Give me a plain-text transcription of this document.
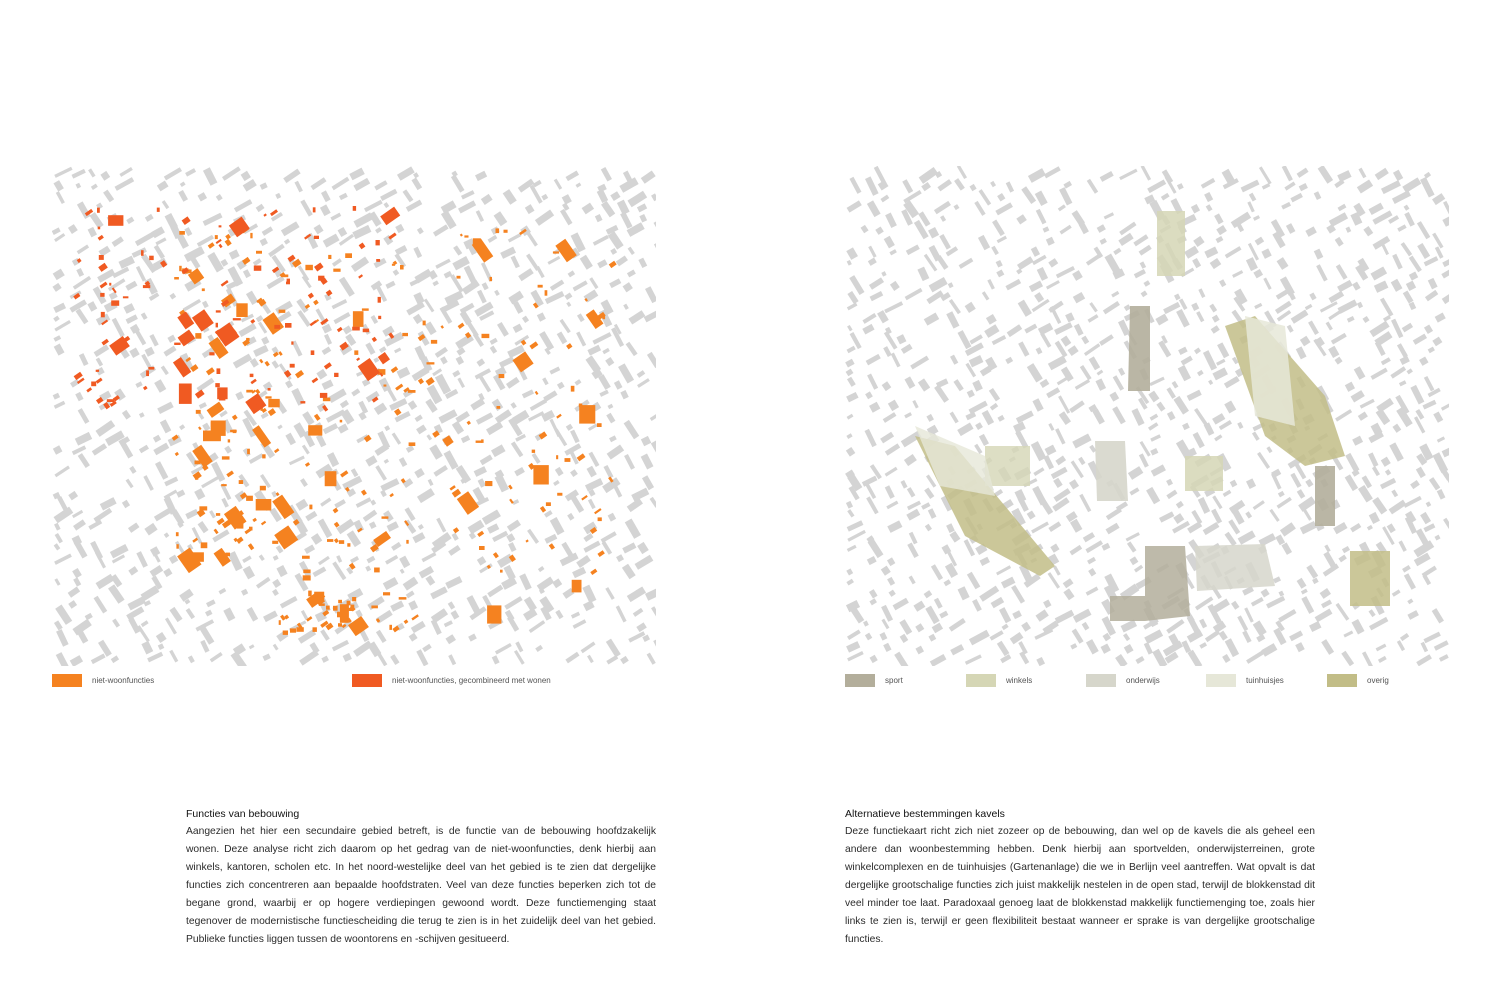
niet-woonfuncties	niet-woonfuncties, gecombineerd met wonen	sport	winkels	onderwijs	tuinhuisjes	overig

Functies van bebouwing

Aangezien het hier een secundaire gebied betreft, is de functie van de bebouwing hoofdzakelijk wonen. Deze analyse richt zich daarom op het gedrag van de niet-woonfuncties, denk hierbij aan winkels, kantoren, scholen etc. In het noord-westelijke deel van het gebied is te zien dat dergelijke functies zich concentreren aan bepaalde hoofdstraten. Veel van deze functies beperken zich tot de begane grond, waarbij er op hogere verdiepingen gewoond wordt. Deze functiemenging staat tegenover de modernistische functiescheiding die terug te zien is in het zuidelijk deel van het gebied. Publieke functies liggen tussen de woontorens en -schijven gesitueerd.

Alternatieve bestemmingen kavels

Deze functiekaart richt zich niet zozeer op de bebouwing, dan wel op de kavels die als geheel een andere dan woonbestemming hebben. Denk hierbij aan sportvelden, onderwijsterreinen, grote winkelcomplexen en de tuinhuisjes (Gartenanlage) die we in Berlijn veel aantreffen. Wat opvalt is dat dergelijke grootschalige functies zich juist makkelijk nestelen in de open stad, terwijl de blokkenstad dit veel minder toe laat. Paradoxaal genoeg laat de blokkenstad makkelijk functiemenging toe, zoals hier links te zien is, terwijl er geen flexibiliteit bestaat wanneer er sprake is van dergelijke grootschalige functies.
